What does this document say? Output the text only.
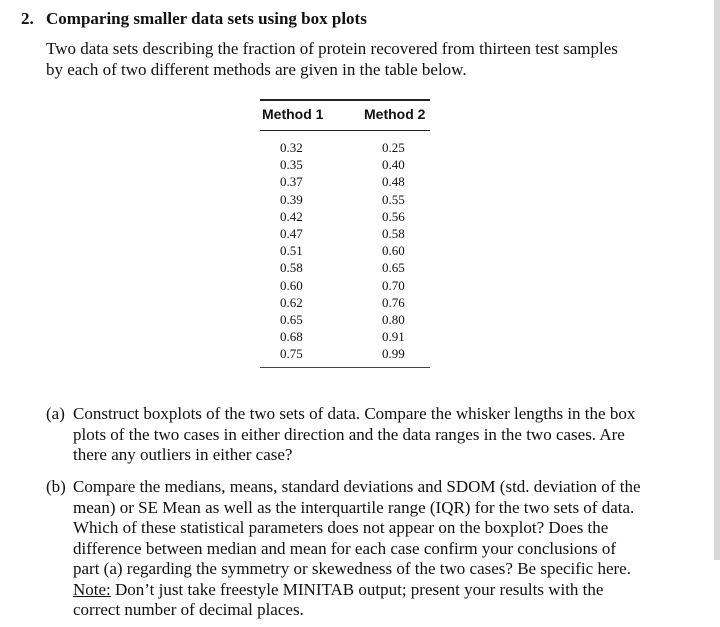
2. Comparing smaller data sets using box plots
Two data sets describing the fraction of protein recovered from thirteen test samples
by each of two different methods are given in the table below.
Method 1	Method 2
0.32
0.35
0.37
0.39
0.42
0.47
0.51
0.58
0.60
0.62
0.65
0.68
0.75
0.25
0.40
0.48
0.55
0.56
0.58
0.60
0.65
0.70
0.76
0.80
0.91
0.99
(a) Construct boxplots of the two sets of data. Compare the whisker lengths in the box
plots of the two cases in either direction and the data ranges in the two cases. Are
there any outliers in either case?
(b) Compare the medians, means, standard deviations and SDOM (std. deviation of the
mean) or SE Mean as well as the interquartile range (IQR) for the two sets of data.
Which of these statistical parameters does not appear on the boxplot? Does the
difference between median and mean for each case confirm your conclusions of
part (a) regarding the symmetry or skewedness of the two cases? Be specific here.
Note: Don’t just take freestyle MINITAB output; present your results with the
correct number of decimal places.
